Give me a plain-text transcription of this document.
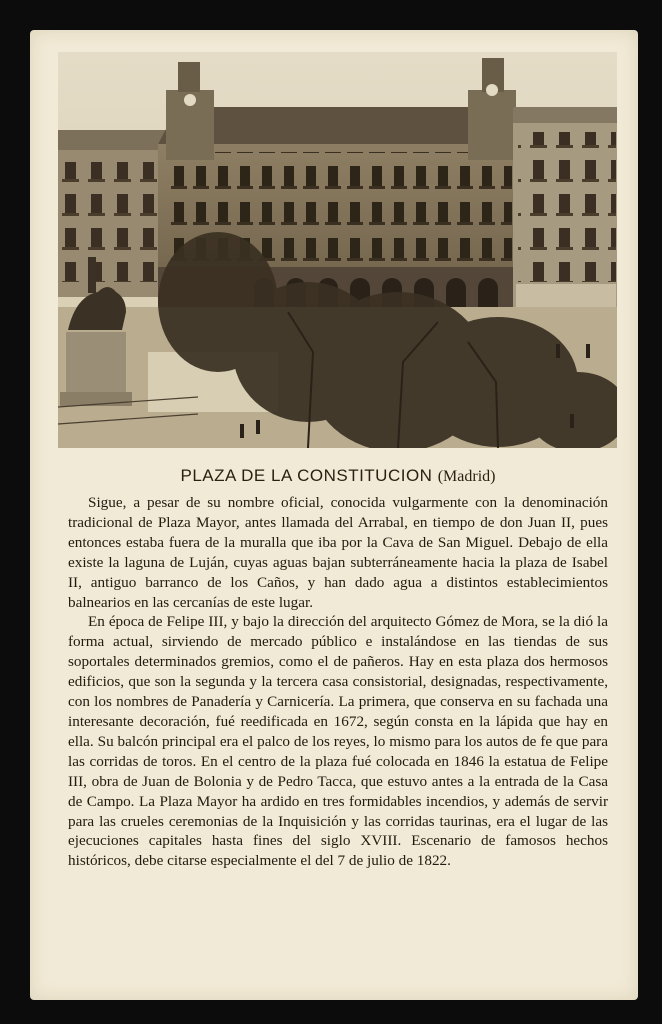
PLAZA DE LA CONSTITUCION (Madrid)

Sigue, a pesar de su nombre oficial, conocida vulgarmente con la denominación tradicional de Plaza Mayor, antes llamada del Arrabal, en tiempo de don Juan II, pues entonces estaba fuera de la muralla que iba por la Cava de San Miguel. Debajo de ella existe la laguna de Luján, cuyas aguas bajan subterráneamente hacia la plaza de Isabel II, antiguo barranco de los Caños, y han dado agua a distintos establecimientos balnearios en las cercanías de este lugar.

En época de Felipe III, y bajo la dirección del arquitecto Gómez de Mora, se la dió la forma actual, sirviendo de mercado público e instalándose en las tiendas de sus soportales determinados gremios, como el de pañeros. Hay en esta plaza dos hermosos edificios, que son la segunda y la tercera casa consistorial, designadas, respectivamente, con los nombres de Panadería y Carnicería. La primera, que conserva en su fachada una interesante decoración, fué reedificada en 1672, según consta en la lápida que hay en ella. Su balcón principal era el palco de los reyes, lo mismo para los autos de fe que para las corridas de toros. En el centro de la plaza fué colocada en 1846 la estatua de Felipe III, obra de Juan de Bolonia y de Pedro Tacca, que estuvo antes a la entrada de la Casa de Campo. La Plaza Mayor ha ardido en tres formidables incendios, y además de servir para las crueles ceremonias de la Inquisición y las corridas taurinas, era el lugar de las ejecuciones capitales hasta fines del siglo XVIII. Escenario de famosos hechos históricos, debe citarse especialmente el del 7 de julio de 1822.
